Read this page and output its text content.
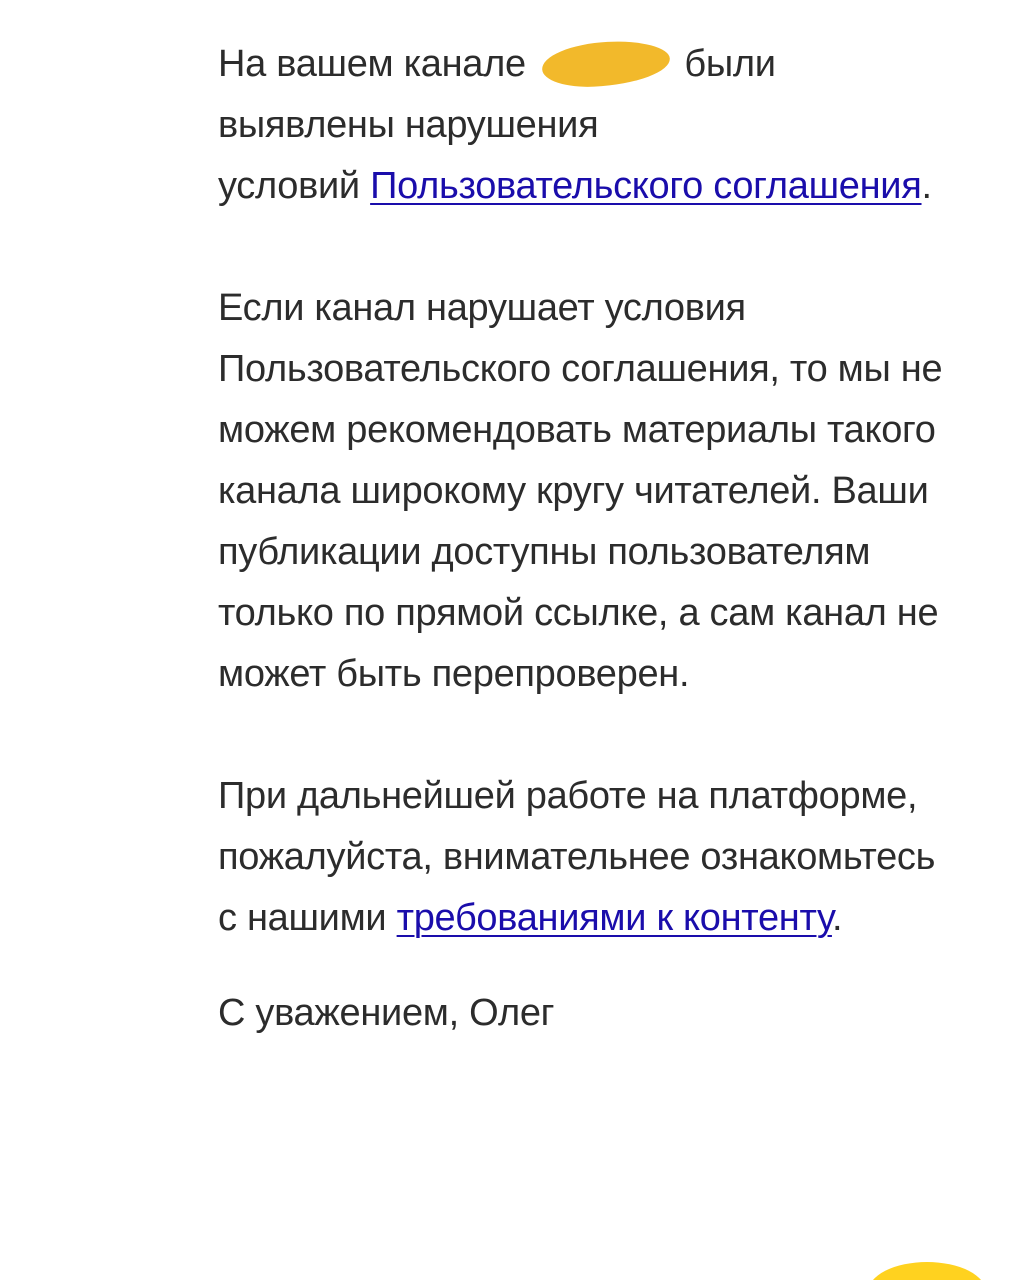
На вашем канале	были
выявлены нарушения
условий Пользовательского соглашения.

Если канал нарушает условия Пользовательского соглашения, то мы не можем рекомендовать материалы такого канала широкому кругу читателей. Ваши публикации доступны пользователям только по прямой ссылке, а сам канал не может быть перепроверен.

При дальнейшей работе на платформе, пожалуйста, внимательнее ознакомьтесь с нашими требованиями к контенту.

С уважением, Олег
